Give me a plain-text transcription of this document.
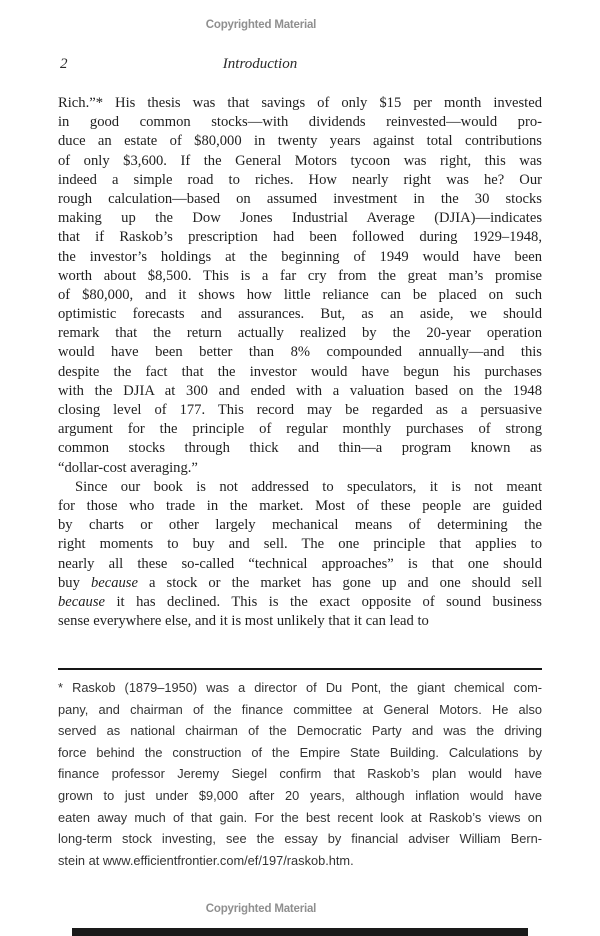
Copyrighted Material
2	Introduction
Rich.”* His thesis was that savings of only $15 per month invested
in good common stocks—with dividends reinvested—would pro-
duce an estate of $80,000 in twenty years against total contributions
of only $3,600. If the General Motors tycoon was right, this was
indeed a simple road to riches. How nearly right was he? Our
rough calculation—based on assumed investment in the 30 stocks
making up the Dow Jones Industrial Average (DJIA)—indicates
that if Raskob’s prescription had been followed during 1929–1948,
the investor’s holdings at the beginning of 1949 would have been
worth about $8,500. This is a far cry from the great man’s promise
of $80,000, and it shows how little reliance can be placed on such
optimistic forecasts and assurances. But, as an aside, we should
remark that the return actually realized by the 20-year operation
would have been better than 8% compounded annually—and this
despite the fact that the investor would have begun his purchases
with the DJIA at 300 and ended with a valuation based on the 1948
closing level of 177. This record may be regarded as a persuasive
argument for the principle of regular monthly purchases of strong
common stocks through thick and thin—a program known as
“dollar-cost averaging.”
Since our book is not addressed to speculators, it is not meant
for those who trade in the market. Most of these people are guided
by charts or other largely mechanical means of determining the
right moments to buy and sell. The one principle that applies to
nearly all these so-called “technical approaches” is that one should
buy because a stock or the market has gone up and one should sell
because it has declined. This is the exact opposite of sound business
sense everywhere else, and it is most unlikely that it can lead to
* Raskob (1879–1950) was a director of Du Pont, the giant chemical com-
pany, and chairman of the finance committee at General Motors. He also
served as national chairman of the Democratic Party and was the driving
force behind the construction of the Empire State Building. Calculations by
finance professor Jeremy Siegel confirm that Raskob’s plan would have
grown to just under $9,000 after 20 years, although inflation would have
eaten away much of that gain. For the best recent look at Raskob’s views on
long-term stock investing, see the essay by financial adviser William Bern-
stein at www.efficientfrontier.com/ef/197/raskob.htm.
Copyrighted Material
